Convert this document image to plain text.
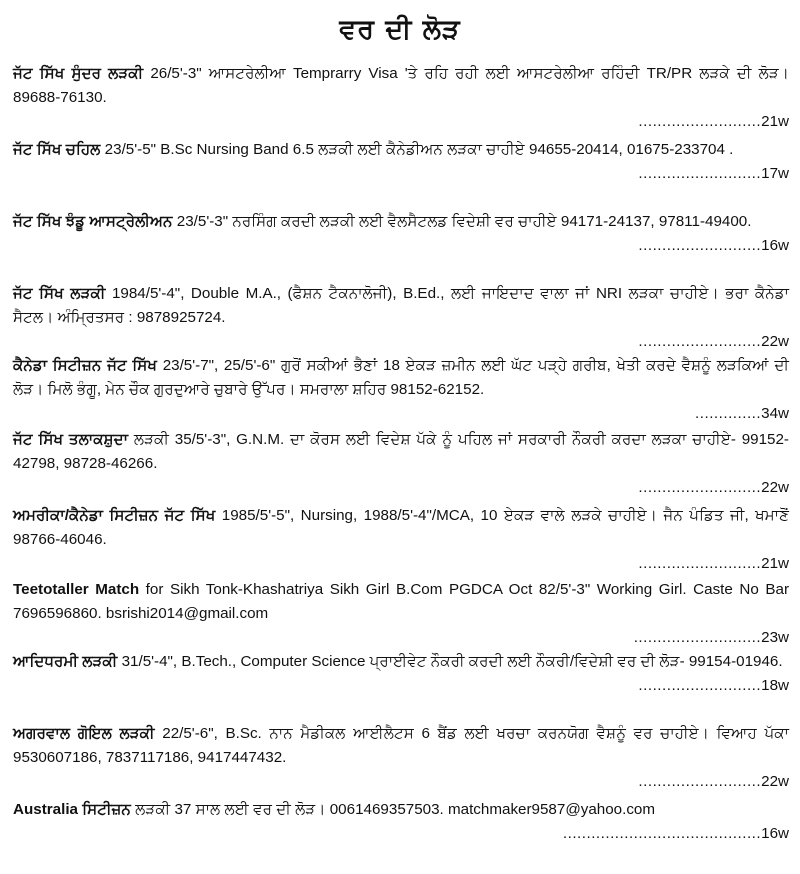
ਵਰ ਦੀ ਲੋੜ
ਜੱਟ ਸਿੱਖ ਸੁੰਦਰ ਲੜਕੀ 26/5'-3" ਆਸਟਰੇਲੀਆ Temprarry Visa 'ਤੇ ਰਹਿ ਰਹੀ ਲਈ ਆਸਟਰੇਲੀਆ ਰਹਿੰਦੀ TR/PR ਲੜਕੇ ਦੀ ਲੋੜ। 89688-76130.
..........................21w
ਜੱਟ ਸਿੱਖ ਚਹਿਲ 23/5'-5" B.Sc Nursing Band 6.5 ਲੜਕੀ ਲਈ ਕੈਨੇਡੀਅਨ ਲੜਕਾ ਚਾਹੀਏ 94655-20414, 01675-233704 .
..........................17w
ਜੱਟ ਸਿੱਖ ਝੰਡੂ ਆਸਟ੍ਰੇਲੀਅਨ 23/5'-3" ਨਰਸਿੰਗ ਕਰਦੀ ਲੜਕੀ ਲਈ ਵੈਲਸੈਟਲਡ ਵਿਦੇਸ਼ੀ ਵਰ ਚਾਹੀਏ 94171-24137, 97811-49400.
..........................16w
ਜੱਟ ਸਿੱਖ ਲੜਕੀ 1984/5'-4", Double M.A., (ਫੈਸ਼ਨ ਟੈਕਨਾਲੋਜੀ), B.Ed., ਲਈ ਜਾਇਦਾਦ ਵਾਲਾ ਜਾਂ NRI ਲੜਕਾ ਚਾਹੀਏ। ਭਰਾ ਕੈਨੇਡਾ ਸੈਟਲ। ਅੰਮ੍ਰਿਤਸਰ : 9878925724.
..........................22w
ਕੈਨੇਡਾ ਸਿਟੀਜ਼ਨ ਜੱਟ ਸਿੱਖ 23/5'-7", 25/5'-6" ਗੁਰੋਂ ਸਕੀਆਂ ਭੈਣਾਂ 18 ਏਕੜ ਜ਼ਮੀਨ ਲਈ ਘੱਟ ਪੜ੍ਹੇ ਗਰੀਬ, ਖੇਤੀ ਕਰਦੇ ਵੈਸ਼ਨੂੰ ਲੜਕਿਆਂ ਦੀ ਲੋੜ। ਮਿਲੋ ਭੰਗੂ, ਮੇਨ ਚੌਕ ਗੁਰਦੁਆਰੇ ਚੁਬਾਰੇ ਉੱਪਰ। ਸਮਰਾਲਾ ਸ਼ਹਿਰ 98152-62152.
..............34w
ਜੱਟ ਸਿੱਖ ਤਲਾਕਸ਼ੁਦਾ ਲੜਕੀ 35/5'-3", G.N.M. ਦਾ ਕੋਰਸ ਲਈ ਵਿਦੇਸ਼ ਪੱਕੇ ਨੂੰ ਪਹਿਲ ਜਾਂ ਸਰਕਾਰੀ ਨੌਕਰੀ ਕਰਦਾ ਲੜਕਾ ਚਾਹੀਏ- 99152-42798, 98728-46266.
..........................22w
ਅਮਰੀਕਾ/ਕੈਨੇਡਾ ਸਿਟੀਜ਼ਨ ਜੱਟ ਸਿੱਖ 1985/5'-5", Nursing, 1988/5'-4"/MCA, 10 ਏਕੜ ਵਾਲੇ ਲੜਕੇ ਚਾਹੀਏ। ਜੈਨ ਪੰਡਿਤ ਜੀ, ਖਮਾਣੋਂ 98766-46046.
..........................21w
Teetotaller Match for Sikh Tonk-Khashatriya Sikh Girl B.Com PGDCA Oct 82/5'-3" Working Girl. Caste No Bar 7696596860. bsrishi2014@gmail.com
...........................23w
ਆਦਿਧਰਮੀ ਲੜਕੀ 31/5'-4", B.Tech., Computer Science ਪ੍ਰਾਈਵੇਟ ਨੌਕਰੀ ਕਰਦੀ ਲਈ ਨੌਕਰੀ/ਵਿਦੇਸ਼ੀ ਵਰ ਦੀ ਲੋੜ- 99154-01946.
..........................18w
ਅਗਰਵਾਲ ਗੋਇਲ ਲੜਕੀ 22/5'-6", B.Sc. ਨਾਨ ਮੈਡੀਕਲ ਆਈਲੈਟਸ 6 ਬੈਂਡ ਲਈ ਖਰਚਾ ਕਰਨਯੋਗ ਵੈਸ਼ਨੂੰ ਵਰ ਚਾਹੀਏ। ਵਿਆਹ ਪੱਕਾ 9530607186, 7837117186, 9417447432.
..........................22w
Australia ਸਿਟੀਜ਼ਨ ਲੜਕੀ 37 ਸਾਲ ਲਈ ਵਰ ਦੀ ਲੋੜ। 0061469357503. matchmaker9587@yahoo.com
..........................................16w
